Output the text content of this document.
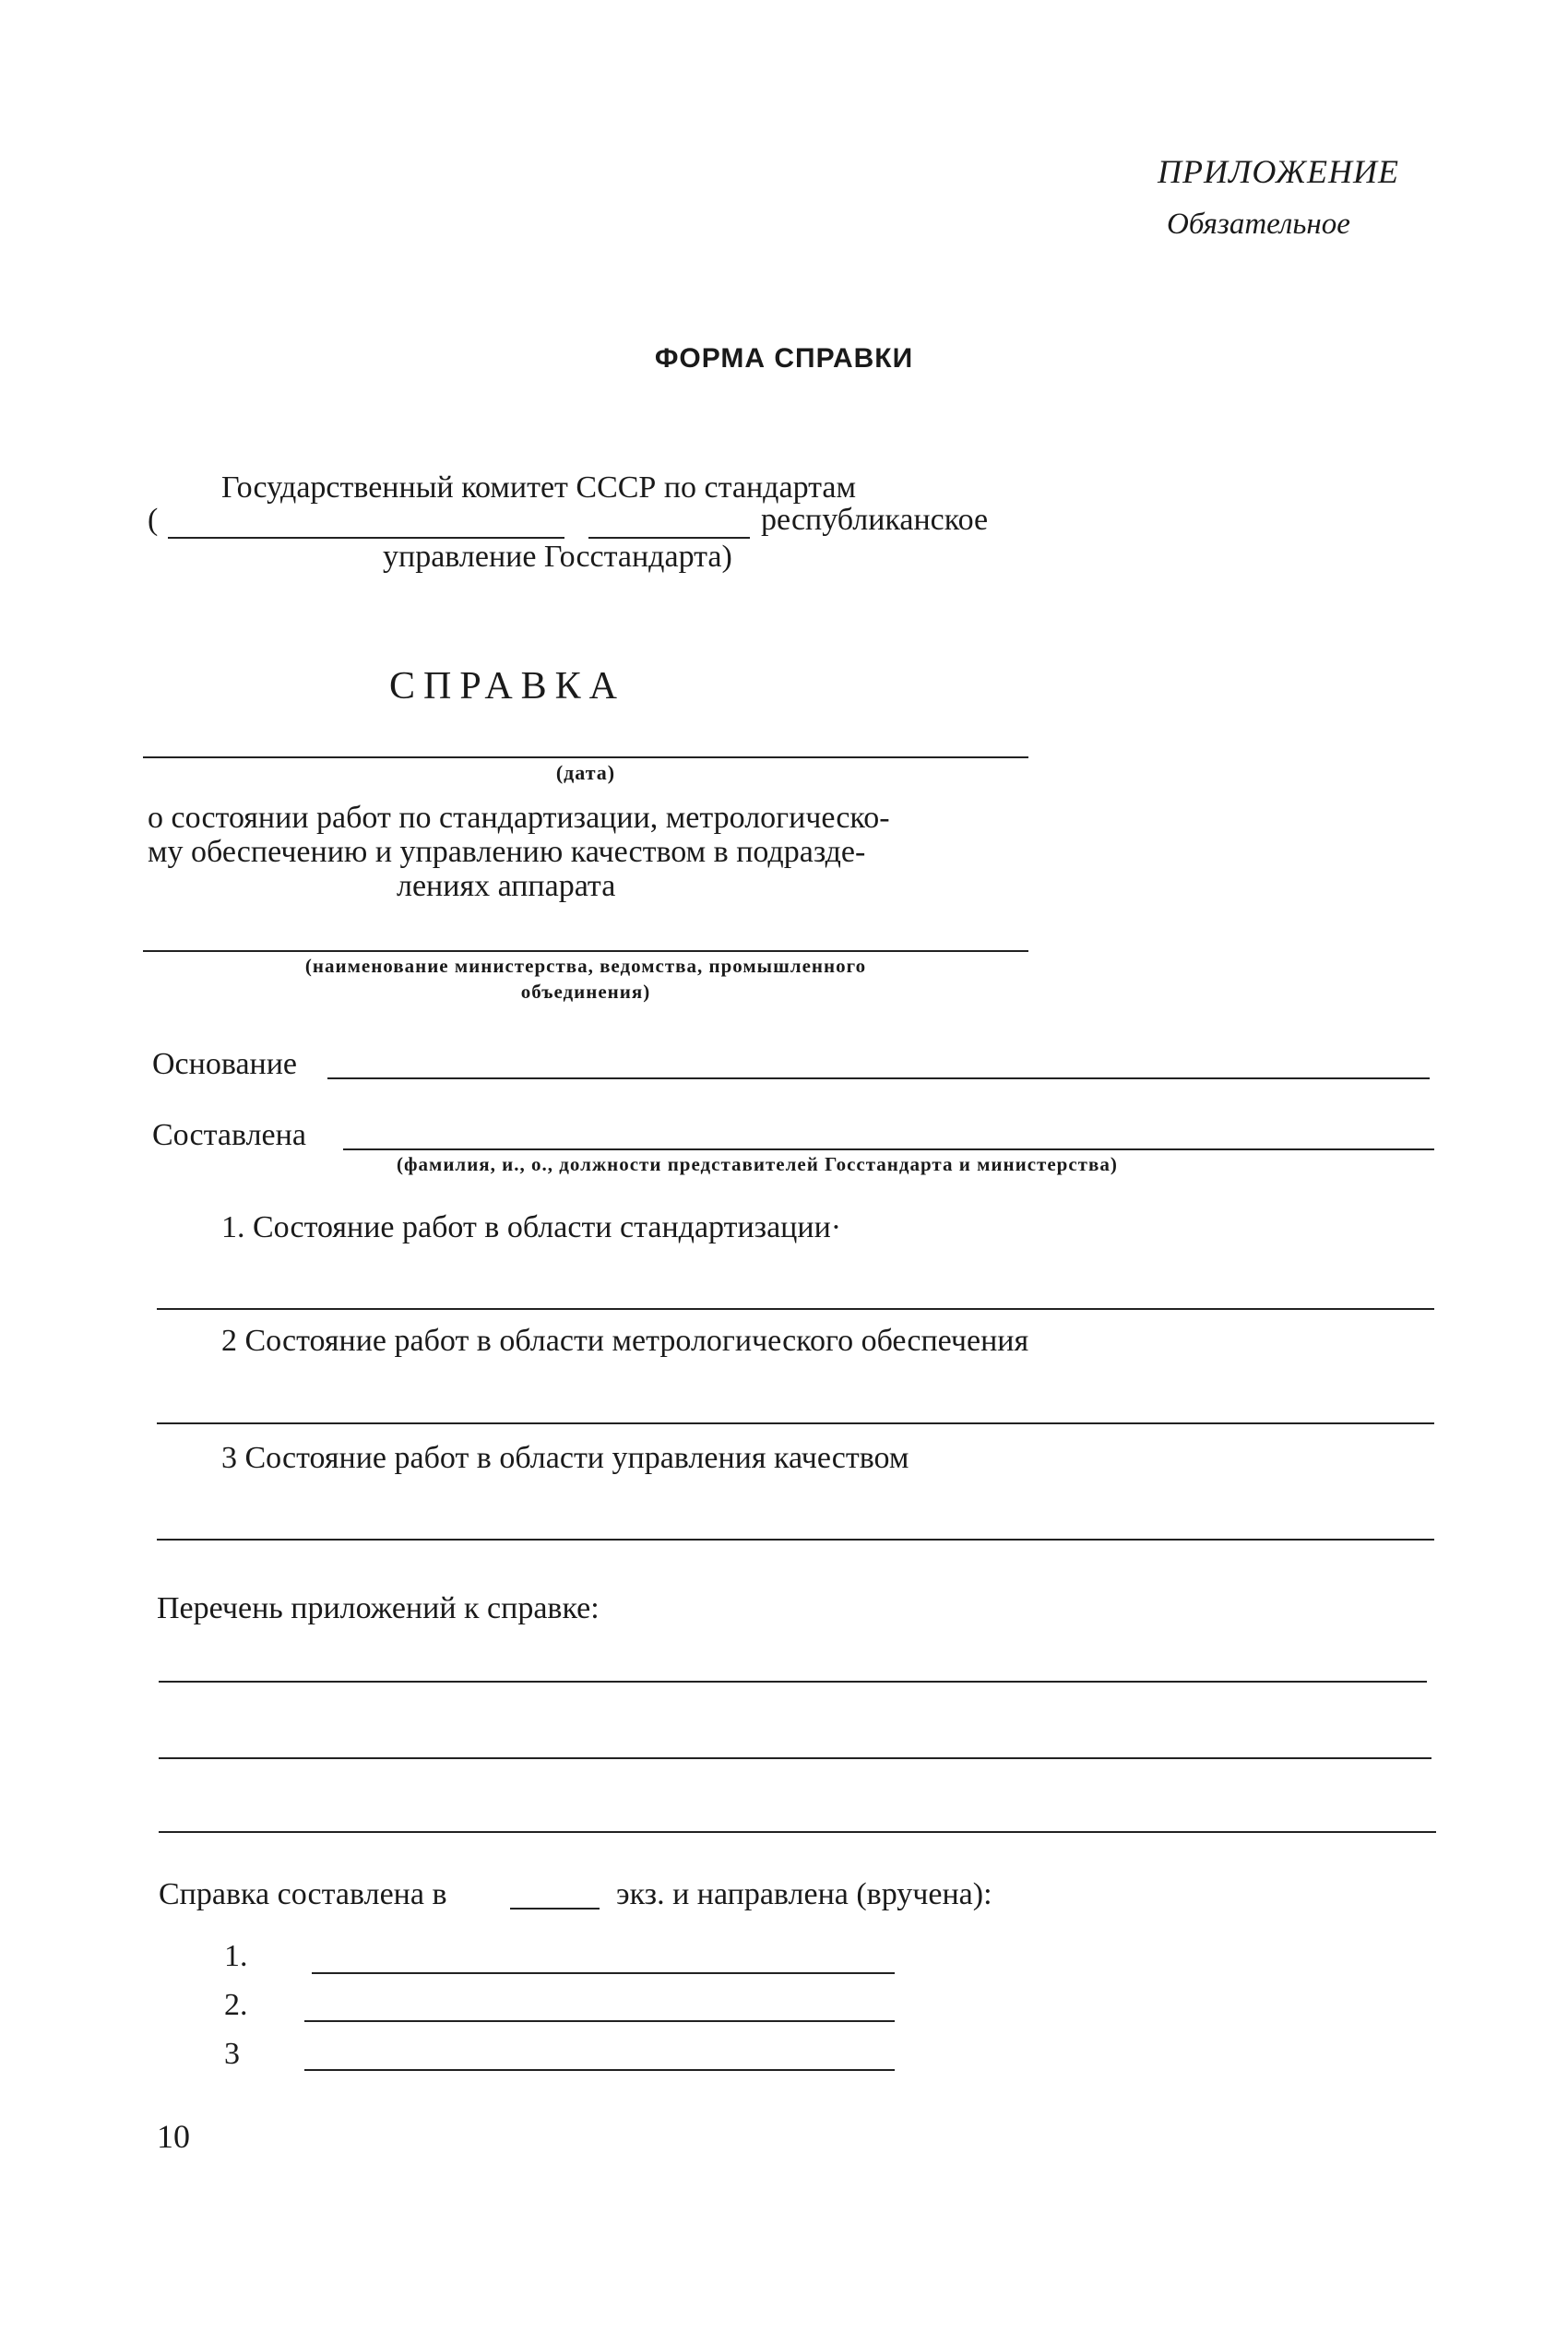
ПРИЛОЖЕНИЕ
Обязательное
ФОРМА СПРАВКИ
Государственный комитет СССР по стандартам
(	республиканское
управление Госстандарта)
СПРАВКА
(дата)
о состоянии работ по стандартизации, метрологическо-
му обеспечению и управлению качеством в подразде-
лениях аппарата
(наименование министерства, ведомства, промышленного
объединения)
Основание
Составлена
(фамилия, и., о., должности представителей Госстандарта и министерства)
1. Состояние работ в области стандартизации·
2 Состояние работ в области метрологического обеспечения
3 Состояние работ в области управления качеством
Перечень приложений к справке:
Справка составлена в	экз. и направлена (вручена):
1.
2.
3
10
